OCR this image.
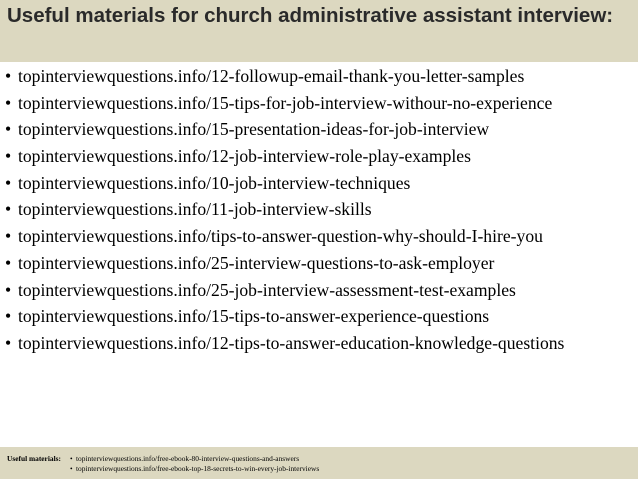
Useful materials for church administrative assistant interview:
• topinterviewquestions.info/12-followup-email-thank-you-letter-samples
• topinterviewquestions.info/15-tips-for-job-interview-withour-no-experience
• topinterviewquestions.info/15-presentation-ideas-for-job-interview
• topinterviewquestions.info/12-job-interview-role-play-examples
• topinterviewquestions.info/10-job-interview-techniques
• topinterviewquestions.info/11-job-interview-skills
• topinterviewquestions.info/tips-to-answer-question-why-should-I-hire-you
• topinterviewquestions.info/25-interview-questions-to-ask-employer
• topinterviewquestions.info/25-job-interview-assessment-test-examples
• topinterviewquestions.info/15-tips-to-answer-experience-questions
• topinterviewquestions.info/12-tips-to-answer-education-knowledge-questions
Useful materials: • topinterviewquestions.info/free-ebook-80-interview-questions-and-answers
• topinterviewquestions.info/free-ebook-top-18-secrets-to-win-every-job-interviews
